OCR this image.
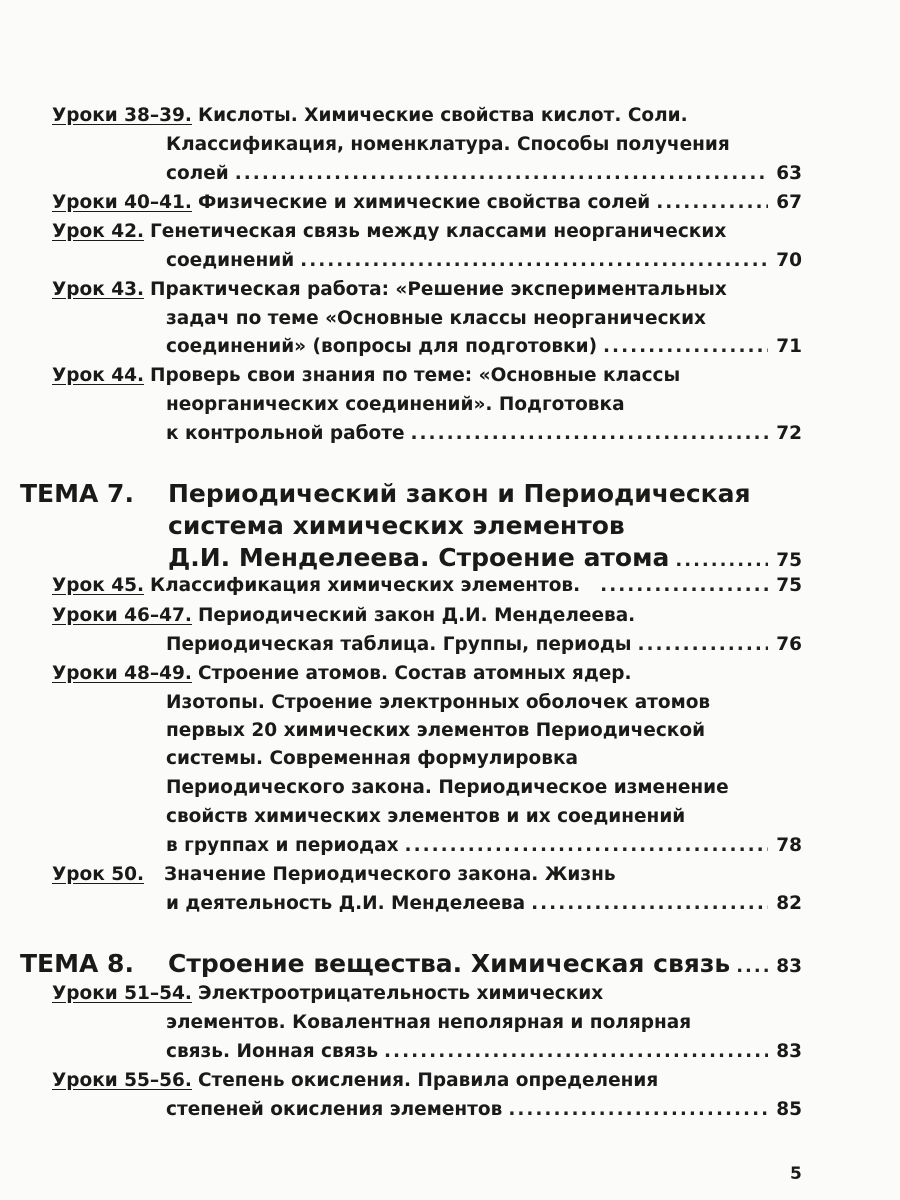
Уроки 38–39. Кислоты. Химические свойства кислот. Соли.
Классификация, номенклатура. Способы получения
солей .....	63
Уроки 40–41. Физические и химические свойства солей .....	67
Урок 42. Генетическая связь между классами неорганических
соединений .....	70
Урок 43. Практическая работа: «Решение экспериментальных
задач по теме «Основные классы неорганических
соединений» (вопросы для подготовки) .....	71
Урок 44. Проверь свои знания по теме: «Основные классы
неорганических соединений». Подготовка
к контрольной работе .....	72
ТЕМА 7.	Периодический закон и Периодическая
система химических элементов
Д.И. Менделеева. Строение атома .....	75
Урок 45. Классификация химических элементов. .....	75
Уроки 46–47. Периодический закон Д.И. Менделеева.
Периодическая таблица. Группы, периоды .....	76
Уроки 48–49. Строение атомов. Состав атомных ядер.
Изотопы. Строение электронных оболочек атомов
первых 20 химических элементов Периодической
системы. Современная формулировка
Периодического закона. Периодическое изменение
свойств химических элементов и их соединений
в группах и периодах .....	78
Урок 50. Значение Периодического закона. Жизнь
и деятельность Д.И. Менделеева .....	82
ТЕМА 8.	Строение вещества. Химическая связь ..... 83
Уроки 51–54. Электроотрицательность химических
элементов. Ковалентная неполярная и полярная
связь. Ионная связь .....	83
Уроки 55–56. Степень окисления. Правила определения
степеней окисления элементов .....	85
5
